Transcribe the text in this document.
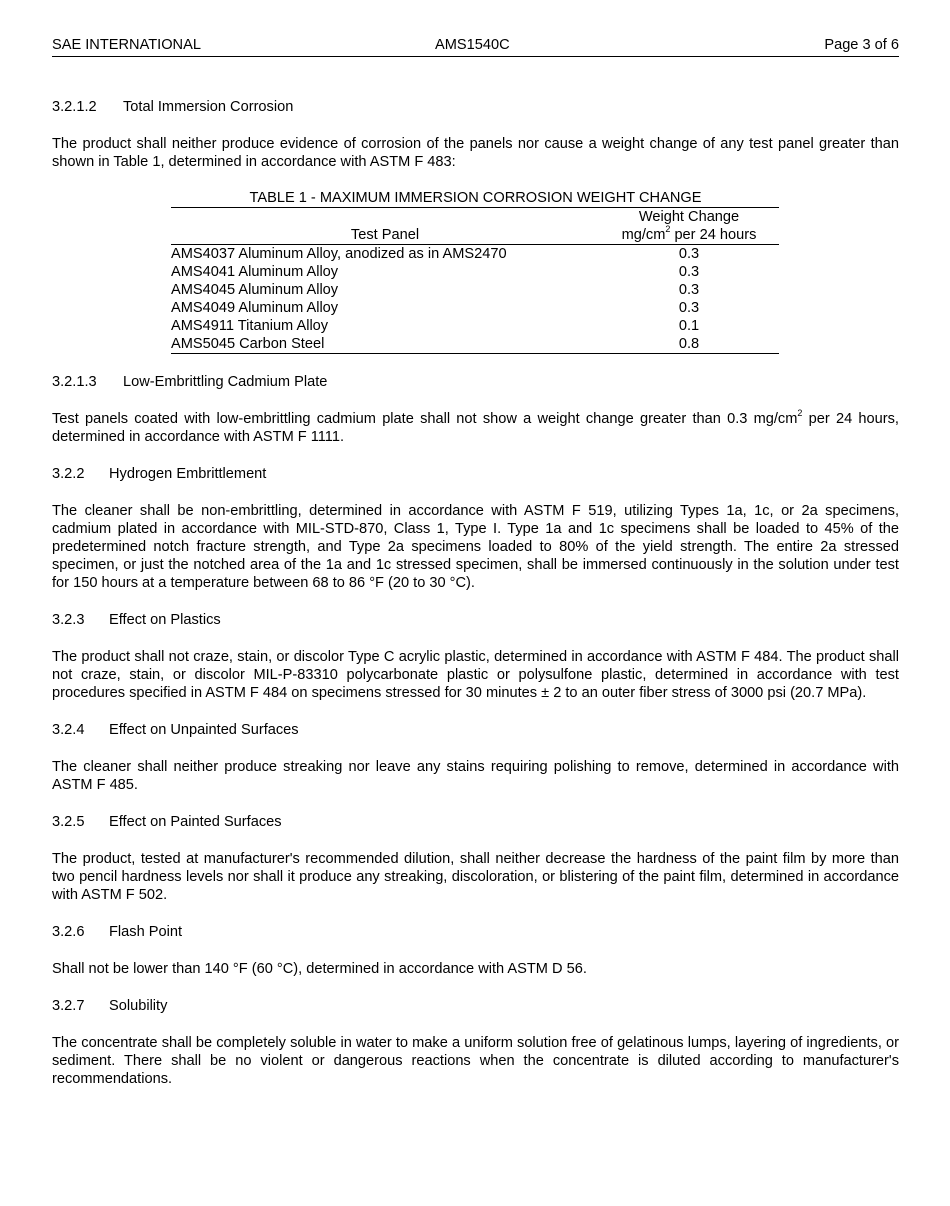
SAE INTERNATIONAL	AMS1540C	Page 3 of 6
3.2.1.2	Total Immersion Corrosion

The product shall neither produce evidence of corrosion of the panels nor cause a weight change of any test panel greater than shown in Table 1, determined in accordance with ASTM F 483:

TABLE 1 - MAXIMUM IMMERSION CORROSION WEIGHT CHANGE

Test Panel	Weight Change
$mg/cm^2$ per 24 hours

AMS4037 Aluminum Alloy, anodized as in AMS2470	0.3
AMS4041 Aluminum Alloy	0.3
AMS4045 Aluminum Alloy	0.3
AMS4049 Aluminum Alloy	0.3
AMS4911 Titanium Alloy	0.1
AMS5045 Carbon Steel	0.8
3.2.1.3	Low-Embrittling Cadmium Plate

Test panels coated with low-embrittling cadmium plate shall not show a weight change greater than 0.3 $mg/cm^2$ per 24 hours, determined in accordance with ASTM F 1111.

3.2.2	Hydrogen Embrittlement

The cleaner shall be non-embrittling, determined in accordance with ASTM F 519, utilizing Types 1a, 1c, or 2a specimens, cadmium plated in accordance with MIL-STD-870, Class 1, Type I. Type 1a and 1c specimens shall be loaded to 45% of the predetermined notch fracture strength, and Type 2a specimens loaded to 80% of the yield strength. The entire 2a stressed specimen, or just the notched area of the 1a and 1c stressed specimen, shall be immersed continuously in the solution under test for 150 hours at a temperature between 68 to 86 °F (20 to 30 °C).

3.2.3	Effect on Plastics

The product shall not craze, stain, or discolor Type C acrylic plastic, determined in accordance with ASTM F 484. The product shall not craze, stain, or discolor MIL-P-83310 polycarbonate plastic or polysulfone plastic, determined in accordance with test procedures specified in ASTM F 484 on specimens stressed for 30 minutes ± 2 to an outer fiber stress of 3000 psi (20.7 MPa).

3.2.4	Effect on Unpainted Surfaces

The cleaner shall neither produce streaking nor leave any stains requiring polishing to remove, determined in accordance with ASTM F 485.

3.2.5	Effect on Painted Surfaces

The product, tested at manufacturer's recommended dilution, shall neither decrease the hardness of the paint film by more than two pencil hardness levels nor shall it produce any streaking, discoloration, or blistering of the paint film, determined in accordance with ASTM F 502.

3.2.6	Flash Point

Shall not be lower than 140 °F (60 °C), determined in accordance with ASTM D 56.

3.2.7	Solubility

The concentrate shall be completely soluble in water to make a uniform solution free of gelatinous lumps, layering of ingredients, or sediment. There shall be no violent or dangerous reactions when the concentrate is diluted according to manufacturer's recommendations.
